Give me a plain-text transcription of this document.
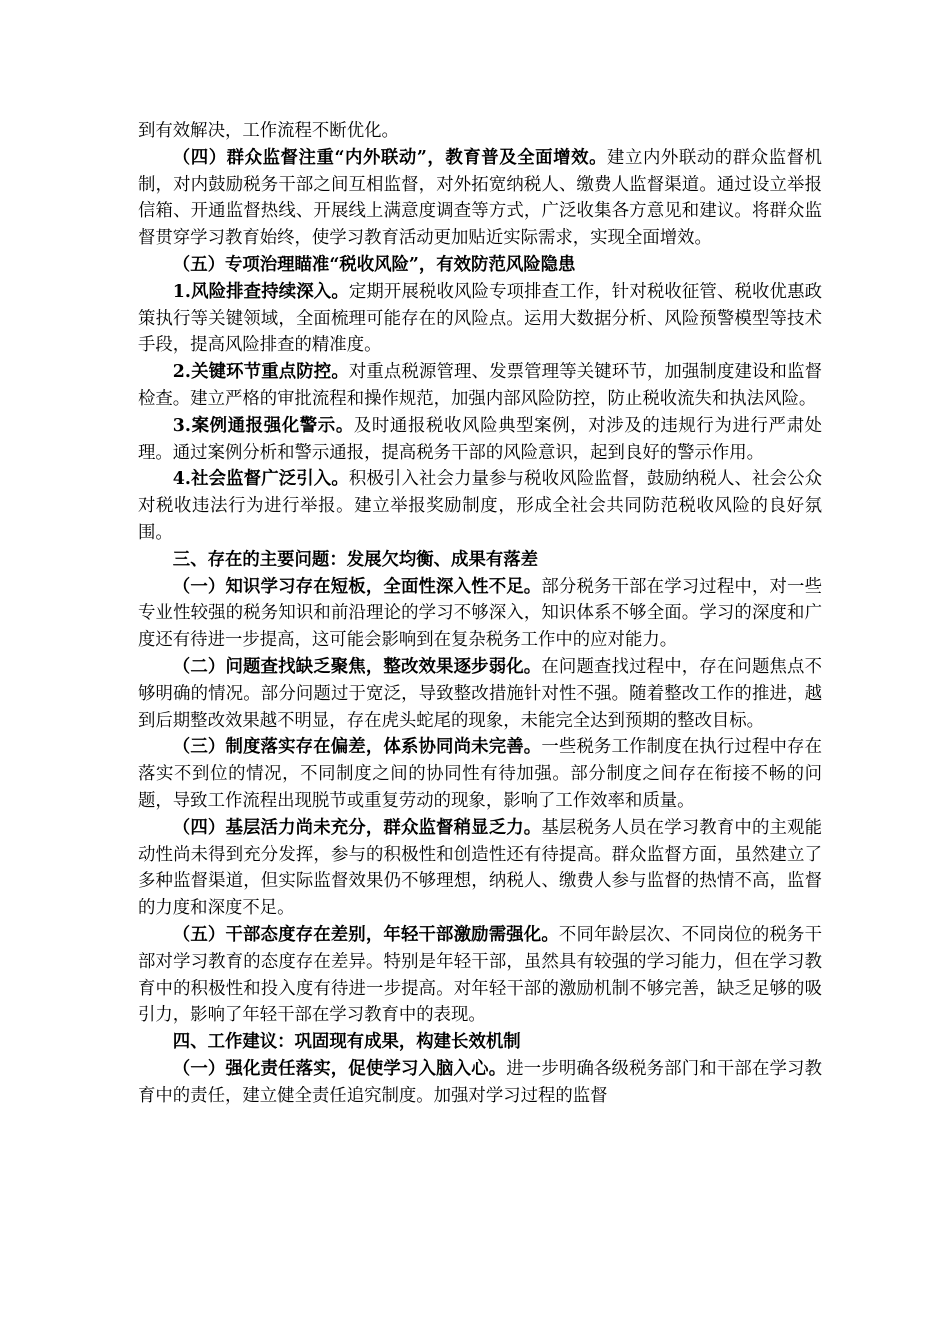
到有效解决，工作流程不断优化。

（四）群众监督注重“内外联动”，教育普及全面增效。建立内外联动的群众监督机制，对内鼓励税务干部之间互相监督，对外拓宽纳税人、缴费人监督渠道。通过设立举报信箱、开通监督热线、开展线上满意度调查等方式，广泛收集各方意见和建议。将群众监督贯穿学习教育始终，使学习教育活动更加贴近实际需求，实现全面增效。

（五）专项治理瞄准“税收风险”，有效防范风险隐患

1.风险排查持续深入。定期开展税收风险专项排查工作，针对税收征管、税收优惠政策执行等关键领域，全面梳理可能存在的风险点。运用大数据分析、风险预警模型等技术手段，提高风险排查的精准度。

2.关键环节重点防控。对重点税源管理、发票管理等关键环节，加强制度建设和监督检查。建立严格的审批流程和操作规范，加强内部风险防控，防止税收流失和执法风险。

3.案例通报强化警示。及时通报税收风险典型案例，对涉及的违规行为进行严肃处理。通过案例分析和警示通报，提高税务干部的风险意识，起到良好的警示作用。

4.社会监督广泛引入。积极引入社会力量参与税收风险监督，鼓励纳税人、社会公众对税收违法行为进行举报。建立举报奖励制度，形成全社会共同防范税收风险的良好氛围。

三、存在的主要问题：发展欠均衡、成果有落差

（一）知识学习存在短板，全面性深入性不足。部分税务干部在学习过程中，对一些专业性较强的税务知识和前沿理论的学习不够深入，知识体系不够全面。学习的深度和广度还有待进一步提高，这可能会影响到在复杂税务工作中的应对能力。

（二）问题查找缺乏聚焦，整改效果逐步弱化。在问题查找过程中，存在问题焦点不够明确的情况。部分问题过于宽泛，导致整改措施针对性不强。随着整改工作的推进，越到后期整改效果越不明显，存在虎头蛇尾的现象，未能完全达到预期的整改目标。

（三）制度落实存在偏差，体系协同尚未完善。一些税务工作制度在执行过程中存在落实不到位的情况，不同制度之间的协同性有待加强。部分制度之间存在衔接不畅的问题，导致工作流程出现脱节或重复劳动的现象，影响了工作效率和质量。

（四）基层活力尚未充分，群众监督稍显乏力。基层税务人员在学习教育中的主观能动性尚未得到充分发挥，参与的积极性和创造性还有待提高。群众监督方面，虽然建立了多种监督渠道，但实际监督效果仍不够理想，纳税人、缴费人参与监督的热情不高，监督的力度和深度不足。

（五）干部态度存在差别，年轻干部激励需强化。不同年龄层次、不同岗位的税务干部对学习教育的态度存在差异。特别是年轻干部，虽然具有较强的学习能力，但在学习教育中的积极性和投入度有待进一步提高。对年轻干部的激励机制不够完善，缺乏足够的吸引力，影响了年轻干部在学习教育中的表现。

四、工作建议：巩固现有成果，构建长效机制

（一）强化责任落实，促使学习入脑入心。进一步明确各级税务部门和干部在学习教育中的责任，建立健全责任追究制度。加强对学习过程的监督
